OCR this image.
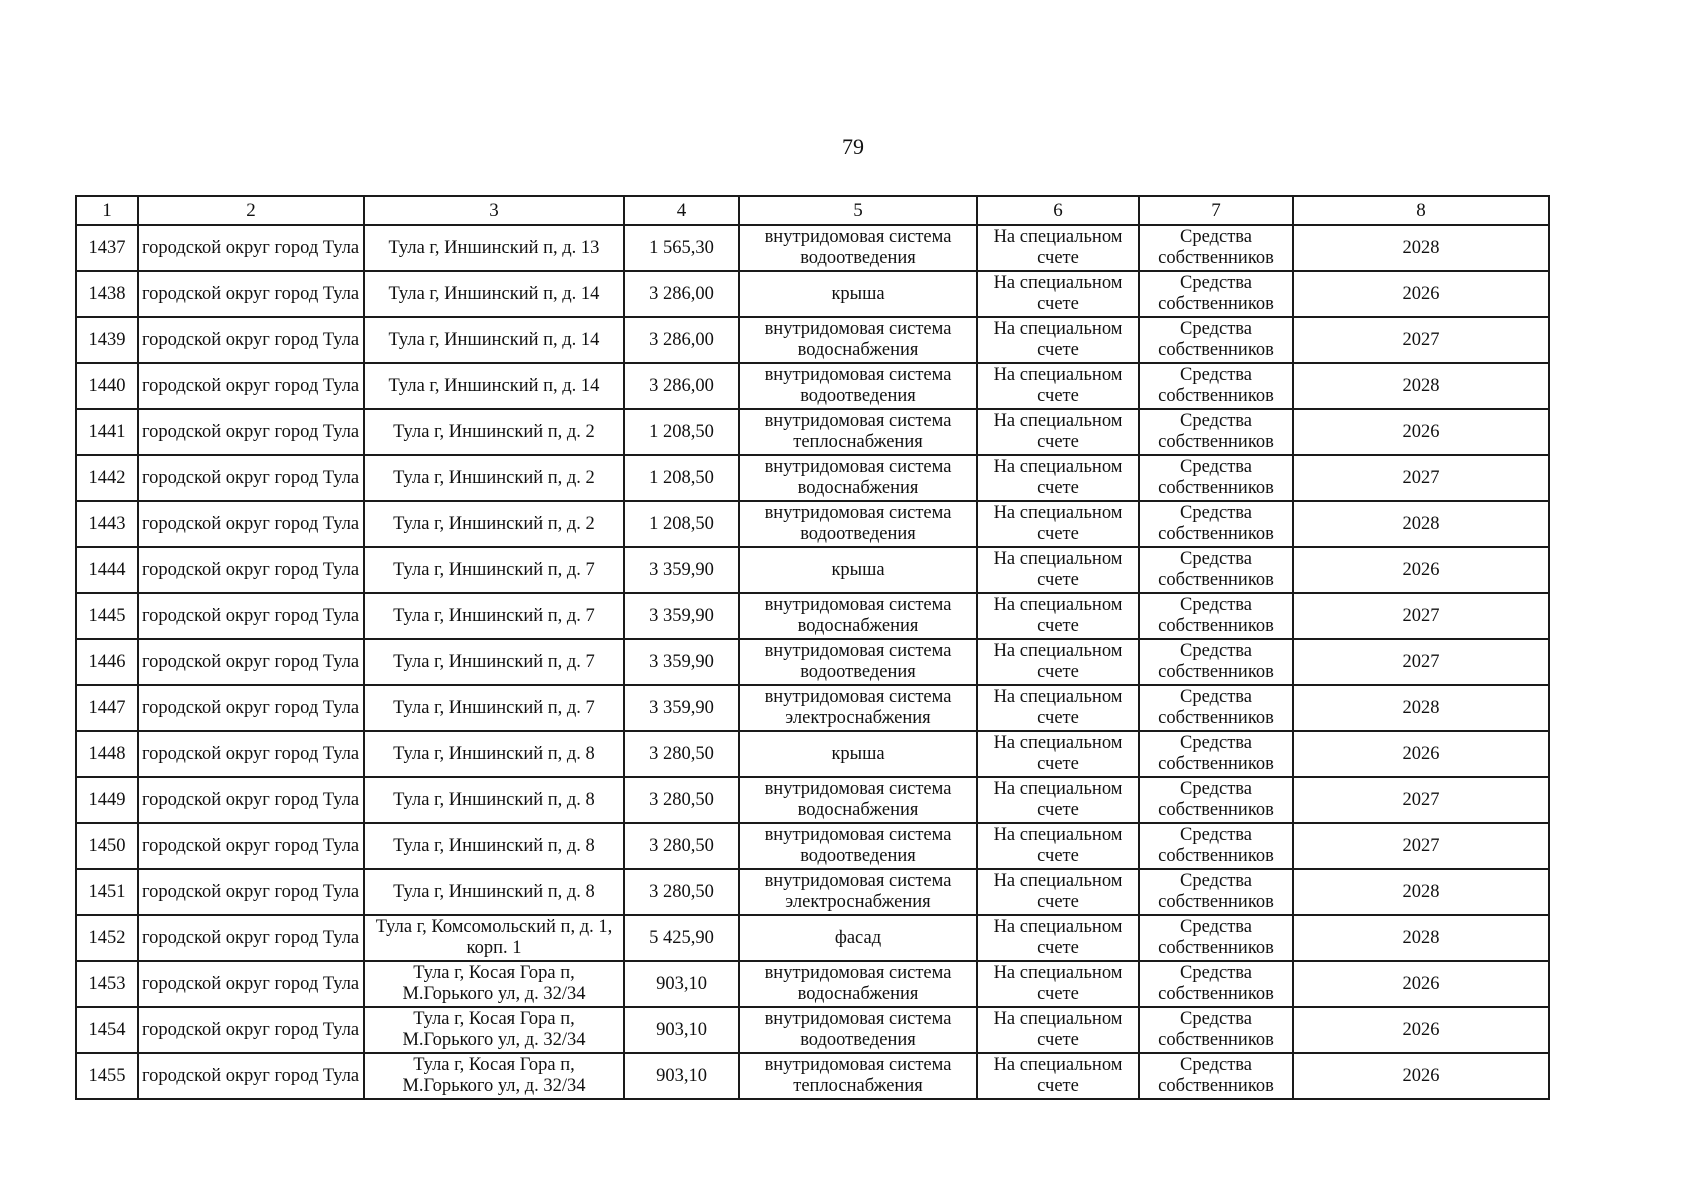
79
1	2	3	4	5	6	7	8
1437	городской округ город Тула	Тула г, Иншинский п, д. 13	1 565,30	внутридомовая система водоотведения	На специальном счете	Средства собственников	2028
1438	городской округ город Тула	Тула г, Иншинский п, д. 14	3 286,00	крыша	На специальном счете	Средства собственников	2026
1439	городской округ город Тула	Тула г, Иншинский п, д. 14	3 286,00	внутридомовая система водоснабжения	На специальном счете	Средства собственников	2027
1440	городской округ город Тула	Тула г, Иншинский п, д. 14	3 286,00	внутридомовая система водоотведения	На специальном счете	Средства собственников	2028
1441	городской округ город Тула	Тула г, Иншинский п, д. 2	1 208,50	внутридомовая система теплоснабжения	На специальном счете	Средства собственников	2026
1442	городской округ город Тула	Тула г, Иншинский п, д. 2	1 208,50	внутридомовая система водоснабжения	На специальном счете	Средства собственников	2027
1443	городской округ город Тула	Тула г, Иншинский п, д. 2	1 208,50	внутридомовая система водоотведения	На специальном счете	Средства собственников	2028
1444	городской округ город Тула	Тула г, Иншинский п, д. 7	3 359,90	крыша	На специальном счете	Средства собственников	2026
1445	городской округ город Тула	Тула г, Иншинский п, д. 7	3 359,90	внутридомовая система водоснабжения	На специальном счете	Средства собственников	2027
1446	городской округ город Тула	Тула г, Иншинский п, д. 7	3 359,90	внутридомовая система водоотведения	На специальном счете	Средства собственников	2027
1447	городской округ город Тула	Тула г, Иншинский п, д. 7	3 359,90	внутридомовая система электроснабжения	На специальном счете	Средства собственников	2028
1448	городской округ город Тула	Тула г, Иншинский п, д. 8	3 280,50	крыша	На специальном счете	Средства собственников	2026
1449	городской округ город Тула	Тула г, Иншинский п, д. 8	3 280,50	внутридомовая система водоснабжения	На специальном счете	Средства собственников	2027
1450	городской округ город Тула	Тула г, Иншинский п, д. 8	3 280,50	внутридомовая система водоотведения	На специальном счете	Средства собственников	2027
1451	городской округ город Тула	Тула г, Иншинский п, д. 8	3 280,50	внутридомовая система электроснабжения	На специальном счете	Средства собственников	2028
1452	городской округ город Тула	Тула г, Комсомольский п, д. 1, корп. 1	5 425,90	фасад	На специальном счете	Средства собственников	2028
1453	городской округ город Тула	Тула г, Косая Гора п, М.Горького ул, д. 32/34	903,10	внутридомовая система водоснабжения	На специальном счете	Средства собственников	2026
1454	городской округ город Тула	Тула г, Косая Гора п, М.Горького ул, д. 32/34	903,10	внутридомовая система водоотведения	На специальном счете	Средства собственников	2026
1455	городской округ город Тула	Тула г, Косая Гора п, М.Горького ул, д. 32/34	903,10	внутридомовая система теплоснабжения	На специальном счете	Средства собственников	2026
